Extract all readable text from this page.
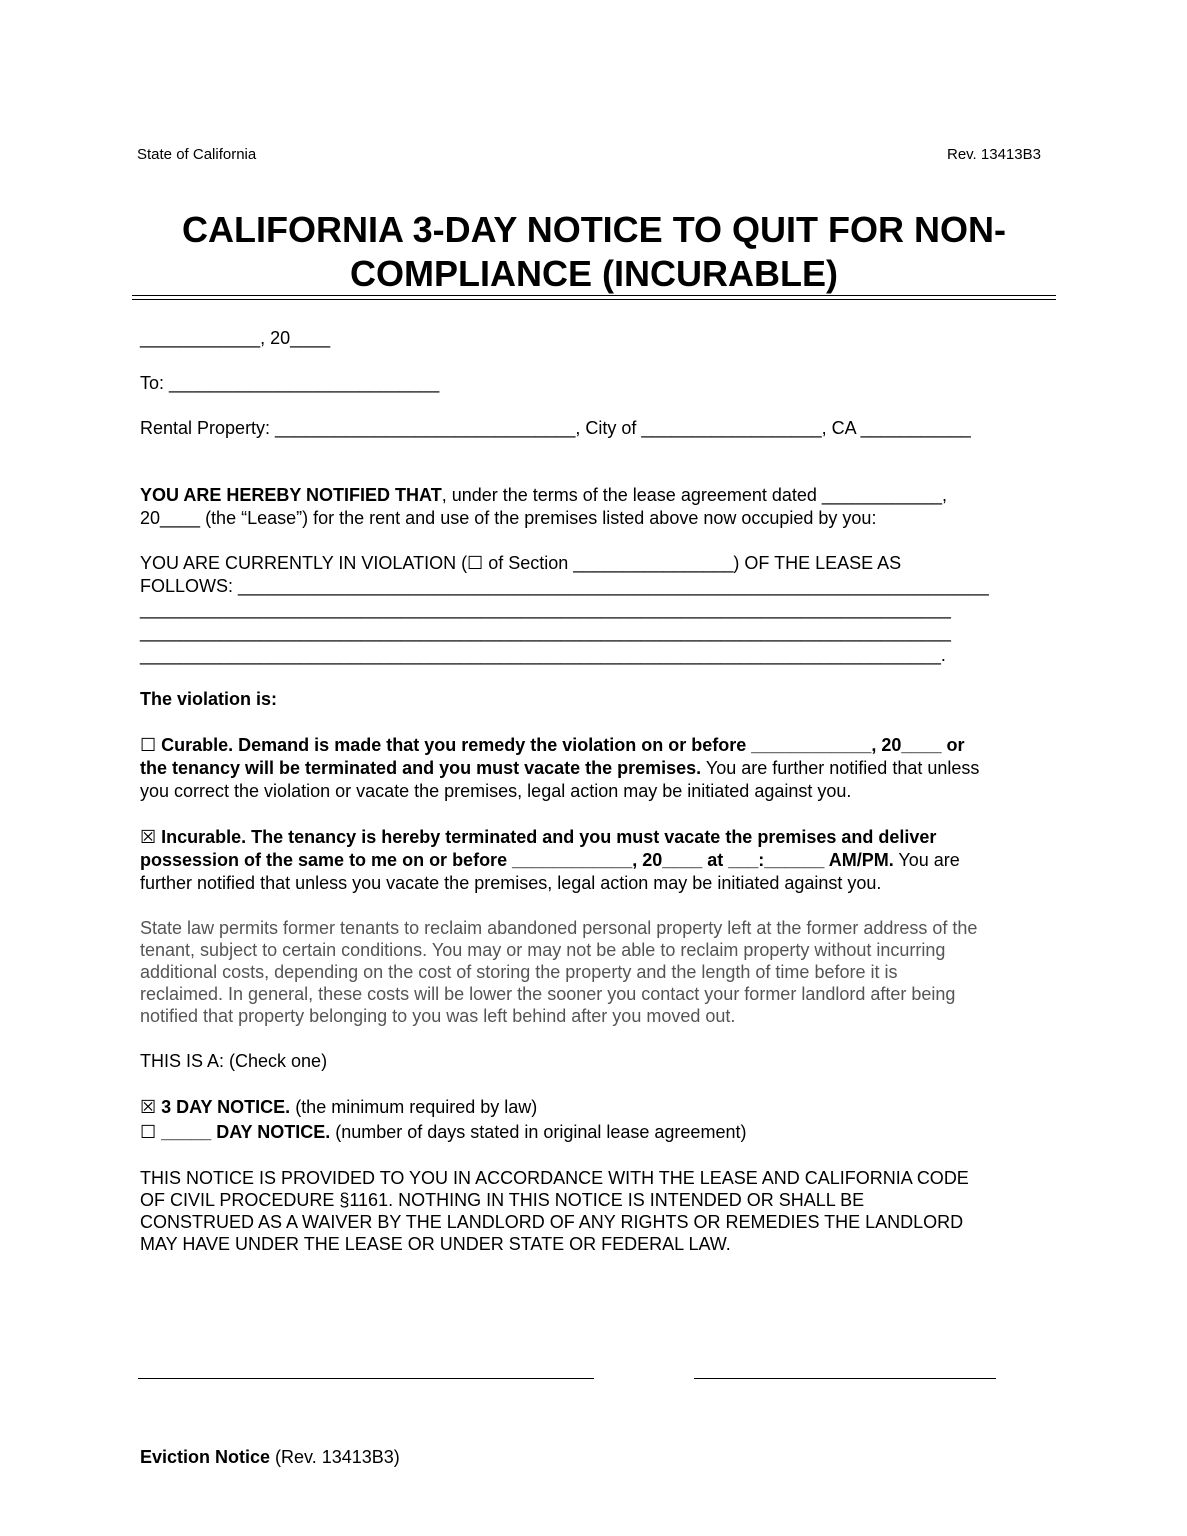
State of California	Rev. 13413B3
CALIFORNIA 3-DAY NOTICE TO QUIT FOR NON-
COMPLIANCE (INCURABLE)
____________, 20____
To: ___________________________
Rental Property: ______________________________, City of __________________, CA ___________
YOU ARE HEREBY NOTIFIED THAT, under the terms of the lease agreement dated ____________,
20____ (the “Lease”) for the rent and use of the premises listed above now occupied by you:
YOU ARE CURRENTLY IN VIOLATION (☐ of Section ________________) OF THE LEASE AS
FOLLOWS: ___________________________________________________________________________
_________________________________________________________________________________
_________________________________________________________________________________
________________________________________________________________________________.
The violation is:
☐ Curable. Demand is made that you remedy the violation on or before ____________, 20____ or
the tenancy will be terminated and you must vacate the premises. You are further notified that unless
you correct the violation or vacate the premises, legal action may be initiated against you.
☒ Incurable. The tenancy is hereby terminated and you must vacate the premises and deliver
possession of the same to me on or before ____________, 20____ at ___:______ AM/PM. You are
further notified that unless you vacate the premises, legal action may be initiated against you.
State law permits former tenants to reclaim abandoned personal property left at the former address of the
tenant, subject to certain conditions. You may or may not be able to reclaim property without incurring
additional costs, depending on the cost of storing the property and the length of time before it is
reclaimed. In general, these costs will be lower the sooner you contact your former landlord after being
notified that property belonging to you was left behind after you moved out.
THIS IS A: (Check one)
☒ 3 DAY NOTICE. (the minimum required by law)
☐ _____ DAY NOTICE. (number of days stated in original lease agreement)
THIS NOTICE IS PROVIDED TO YOU IN ACCORDANCE WITH THE LEASE AND CALIFORNIA CODE
OF CIVIL PROCEDURE §1161. NOTHING IN THIS NOTICE IS INTENDED OR SHALL BE
CONSTRUED AS A WAIVER BY THE LANDLORD OF ANY RIGHTS OR REMEDIES THE LANDLORD
MAY HAVE UNDER THE LEASE OR UNDER STATE OR FEDERAL LAW.
Eviction Notice (Rev. 13413B3)
